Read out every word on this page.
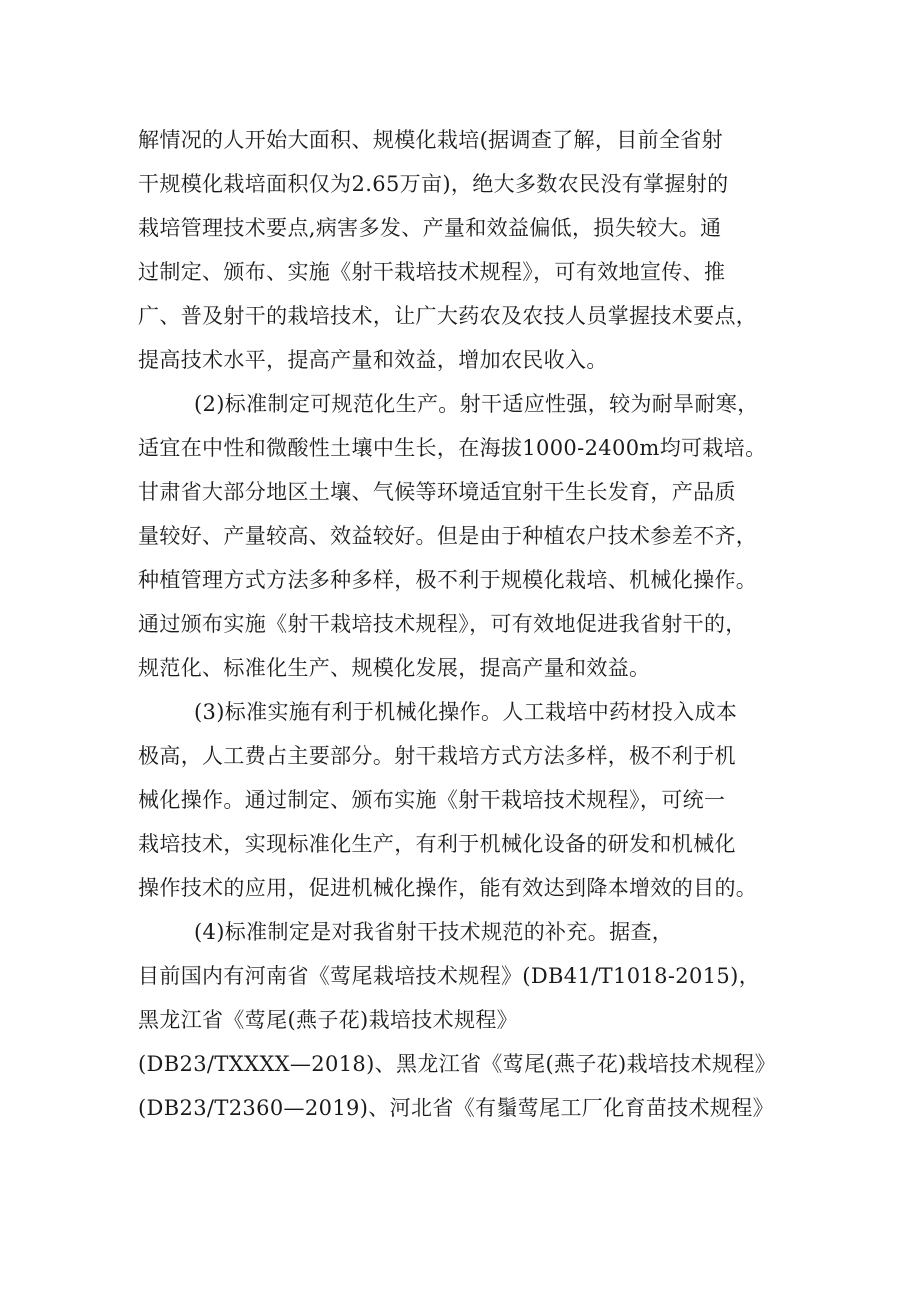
解情况的人开始大面积、规模化栽培(据调查了解，目前全省射
干规模化栽培面积仅为2.65万亩)，绝大多数农民没有掌握射的
栽培管理技术要点,病害多发、产量和效益偏低，损失较大。通
过制定、颁布、实施《射干栽培技术规程》，可有效地宣传、推
广、普及射干的栽培技术，让广大药农及农技人员掌握技术要点，
提高技术水平，提高产量和效益，增加农民收入。
(2)标准制定可规范化生产。射干适应性强，较为耐旱耐寒，
适宜在中性和微酸性土壤中生长，在海拔1000-2400m均可栽培。
甘肃省大部分地区土壤、气候等环境适宜射干生长发育，产品质
量较好、产量较高、效益较好。但是由于种植农户技术参差不齐，
种植管理方式方法多种多样，极不利于规模化栽培、机械化操作。
通过颁布实施《射干栽培技术规程》，可有效地促进我省射干的，
规范化、标准化生产、规模化发展，提高产量和效益。
(3)标准实施有利于机械化操作。人工栽培中药材投入成本
极高，人工费占主要部分。射干栽培方式方法多样，极不利于机
械化操作。通过制定、颁布实施《射干栽培技术规程》，可统一
栽培技术，实现标准化生产，有利于机械化设备的研发和机械化
操作技术的应用，促进机械化操作，能有效达到降本增效的目的。
(4)标准制定是对我省射干技术规范的补充。据查，
目前国内有河南省《莺尾栽培技术规程》(DB41/T1018-2015)，
黑龙江省《莺尾(燕子花)栽培技术规程》
(DB23/TXXXX—2018)、黑龙江省《莺尾(燕子花)栽培技术规程》
(DB23/T2360—2019)、河北省《有鬚莺尾工厂化育苗技术规程》
